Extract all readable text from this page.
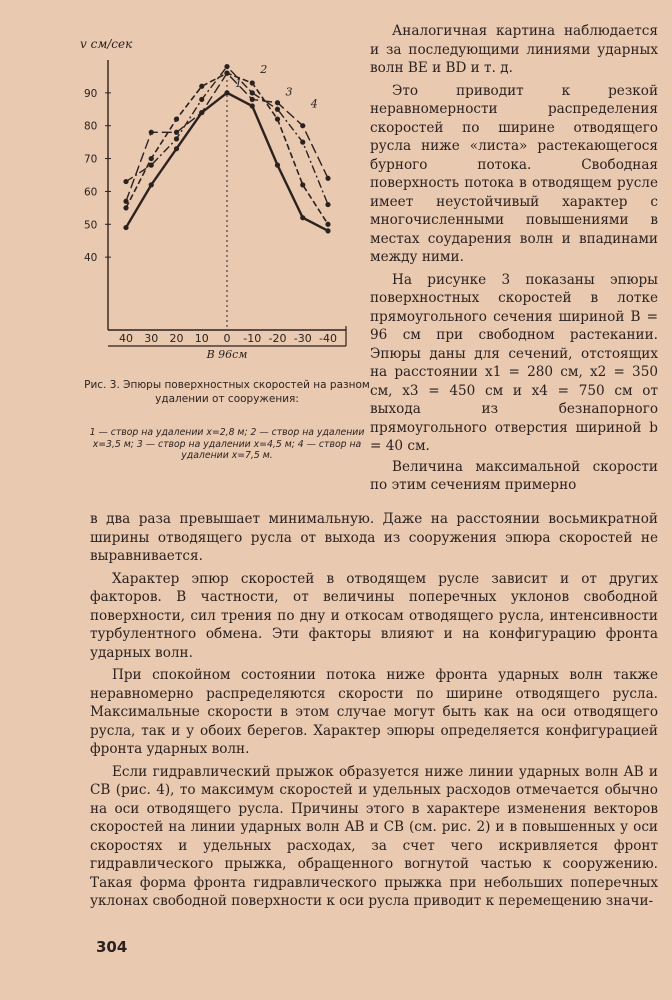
v см/сек
90
80
70
60
50
40
40 30 20 10 0 -10 -20 -30 -40
B 96см
1
2
3
4
Рис. 3. Эпюры поверхностных скоростей на разном удалении от сооружения:
1 — створ на удалении x=2,8 м; 2 — створ на удалении x=3,5 м; 3 — створ на удалении x=4,5 м; 4 — створ на удалении x=7,5 м.

Аналогичная картина наблюдается и за последующими линиями ударных волн BE и BD и т. д.

Это приводит к резкой неравномерности распределения скоростей по ширине отводящего русла ниже «листа» растекающегося бурного потока. Свободная поверхность потока в отводящем русле имеет неустойчивый характер с многочисленными повышениями в местах соударения волн и впадинами между ними.

На рисунке 3 показаны эпюры поверхностных скоростей в лотке прямоугольного сечения шириной B = 96 см при свободном растекании. Эпюры даны для сечений, отстоящих на расстоянии x1 = 280 см, x2 = 350 см, x3 = 450 см и x4 = 750 см от выхода из безнапорного прямоугольного отверстия шириной b = 40 см.

Величина максимальной скорости по этим сечениям примерно

в два раза превышает минимальную. Даже на расстоянии восьмикратной ширины отводящего русла от выхода из сооружения эпюра скоростей не выравнивается.

Характер эпюр скоростей в отводящем русле зависит и от других факторов. В частности, от величины поперечных уклонов свободной поверхности, сил трения по дну и откосам отводящего русла, интенсивности турбулентного обмена. Эти факторы влияют и на конфигурацию фронта ударных волн.

При спокойном состоянии потока ниже фронта ударных волн также неравномерно распределяются скорости по ширине отводящего русла. Максимальные скорости в этом случае могут быть как на оси отводящего русла, так и у обоих берегов. Характер эпюры определяется конфигурацией фронта ударных волн.

Если гидравлический прыжок образуется ниже линии ударных волн AB и CB (рис. 4), то максимум скоростей и удельных расходов отмечается обычно на оси отводящего русла. Причины этого в характере изменения векторов скоростей на линии ударных волн AB и CB (см. рис. 2) и в повышенных у оси скоростях и удельных расходах, за счет чего искривляется фронт гидравлического прыжка, обращенного вогнутой частью к сооружению. Такая форма фронта гидравлического прыжка при небольших поперечных уклонах свободной поверхности к оси русла приводит к перемещению значи-

304
